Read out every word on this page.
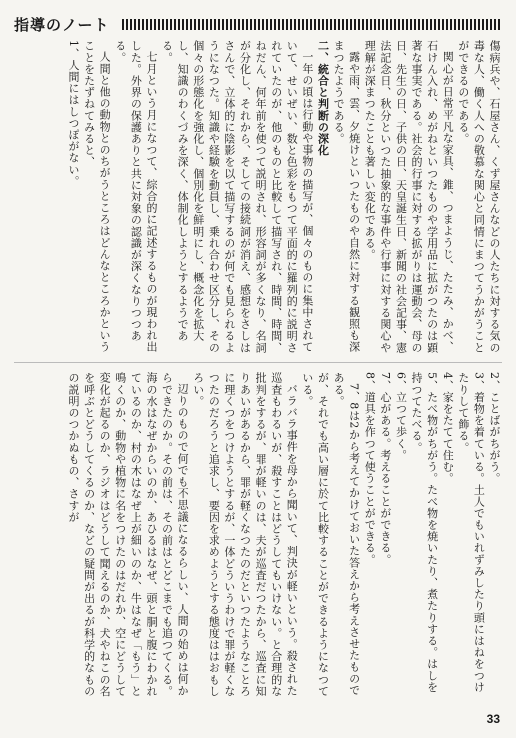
指導のノート

傷病兵や、石屋さん、くず屋さんなどの人たちに対する気の毒な人、働く人への敬慕な関心と同情にまつてうかがうことができるのである。

関心が日常平凡な家具、錐、つまようじ、たたみ、かべ、石けん入れ、めがねといつたものや学用品に拡がつたのは顕著な事実である。社会的行事に対する拡がりは運動会、母の日、先生の日、子供の日、天皇誕生日、新聞の社会記事、憲法記念日、秋分といつた抽象的な事件や行事に対する関心や理解が深まつたことも著しい変化である。

露や雨、雲、夕焼けといつたものや自然に対する観照も深まつたようである。

二、統合と判断の深化

一年の頃は行動や事物の描写が、個々のものに集中されていて、せいぜい、数と色彩をもつて平面的に羅列的に説明されていたのが、他のものと比較して描写され、時間、時間、ねだん、何年前を使つて説明され、形容詞が多くなり、名詞が分化し、それから、そしての接続詞が消え、感想をさしはさんで、立体的に陰影を以て描写するのが何でも見られるようになつた。知識や経験を動員し、乗れ合わせ区分し、その個々の形態化を強化し、個別化を鮮明にし、概念化を拡大し、知識のわくづみを深く、体制化しようとするようである。

七月という月になつて、綜合的に記述するものが現われ出した。外界の保護ありと共に対象の認識が深くなりつつある。

人間と他の動物とのちがうところはどんなところかということをたずねてみると、

1、人間にはしつぽがない。

2、ことばがちがう。

3、着物を着ている。土人でもいれずみしたり頭にはねをつけたりして飾る。

4、家をたてて住む。

5、たべ物がちがう。たべ物を焼いたり、煮たりする。はしを持つてたべる。

6、立つて歩く。

7、心がある。考えることができる。

8、道具を作つて使うことができる。

7、8は2から考えてかけておいた答えから考えさせたものである。

が、それでも高い層に於て比較することができるようになつている。

バラバラ事件を母から聞いて、判決が軽いという。殺された巡査もわるいが、殺すことはどうしてもいけない。と合理的な批判をするが、罪が軽いのは、夫が巡査だつたから、巡査に知りあいがあるから、罪が軽くなつたのだといつたようなことろに理くつをつけようとするが、一体どういうわけで罪が軽くなつたのだろうと追求し、要因を求めようとする態度ははおもしろい。

辺りのもので何でも不思議になるらしい、人間の始めは何からできたのか。その前は、その前はとどこまでも追つてくる。海の水はなぜからいのか、あひるはなぜ、頭と胴と腹にわかれているのか、村の木はなぜ上が細いのか、牛はなぜ「もう」と鳴くのか、動物や植物に名をつけたのはだれか、空にどうして変化が起るのか、ラジオはどうして聞えるのか、犬やねこの名を呼ぶとどうしてくるのか、などの疑問が出るが科学的なものの説明のつかぬもの、さすが

33
